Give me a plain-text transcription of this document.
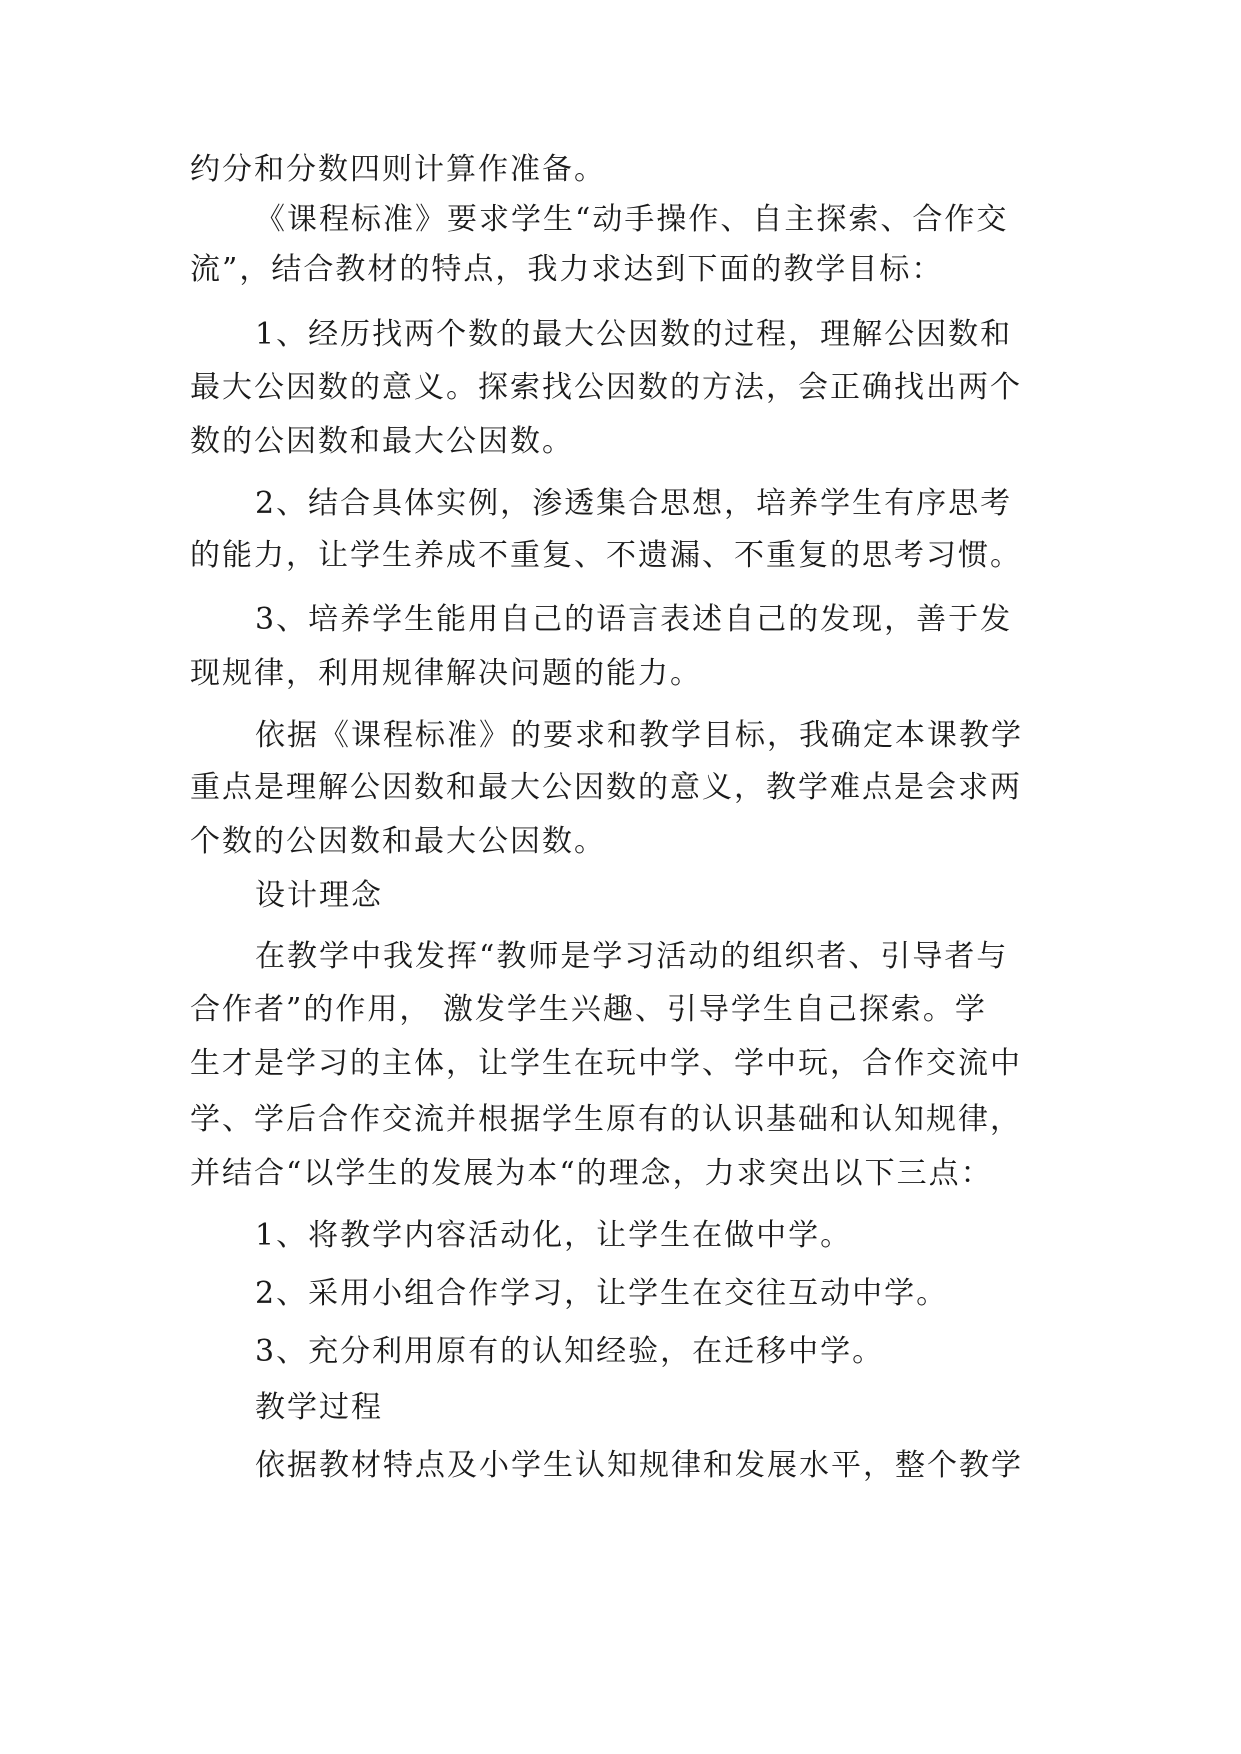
约分和分数四则计算作准备。
《课程标准》要求学生“动手操作、自主探索、合作交
流”，结合教材的特点，我力求达到下面的教学目标：
1、经历找两个数的最大公因数的过程，理解公因数和
最大公因数的意义。探索找公因数的方法，会正确找出两个
数的公因数和最大公因数。
2、结合具体实例，渗透集合思想，培养学生有序思考
的能力，让学生养成不重复、不遗漏、不重复的思考习惯。
3、培养学生能用自己的语言表述自己的发现，善于发
现规律，利用规律解决问题的能力。
依据《课程标准》的要求和教学目标，我确定本课教学
重点是理解公因数和最大公因数的意义，教学难点是会求两
个数的公因数和最大公因数。
设计理念
在教学中我发挥“教师是学习活动的组织者、引导者与
合作者”的作用， 激发学生兴趣、引导学生自己探索。学
生才是学习的主体，让学生在玩中学、学中玩，合作交流中
学、学后合作交流并根据学生原有的认识基础和认知规律，
并结合“以学生的发展为本“的理念，力求突出以下三点：
1、将教学内容活动化，让学生在做中学。
2、采用小组合作学习，让学生在交往互动中学。
3、充分利用原有的认知经验，在迁移中学。
教学过程
依据教材特点及小学生认知规律和发展水平，整个教学
